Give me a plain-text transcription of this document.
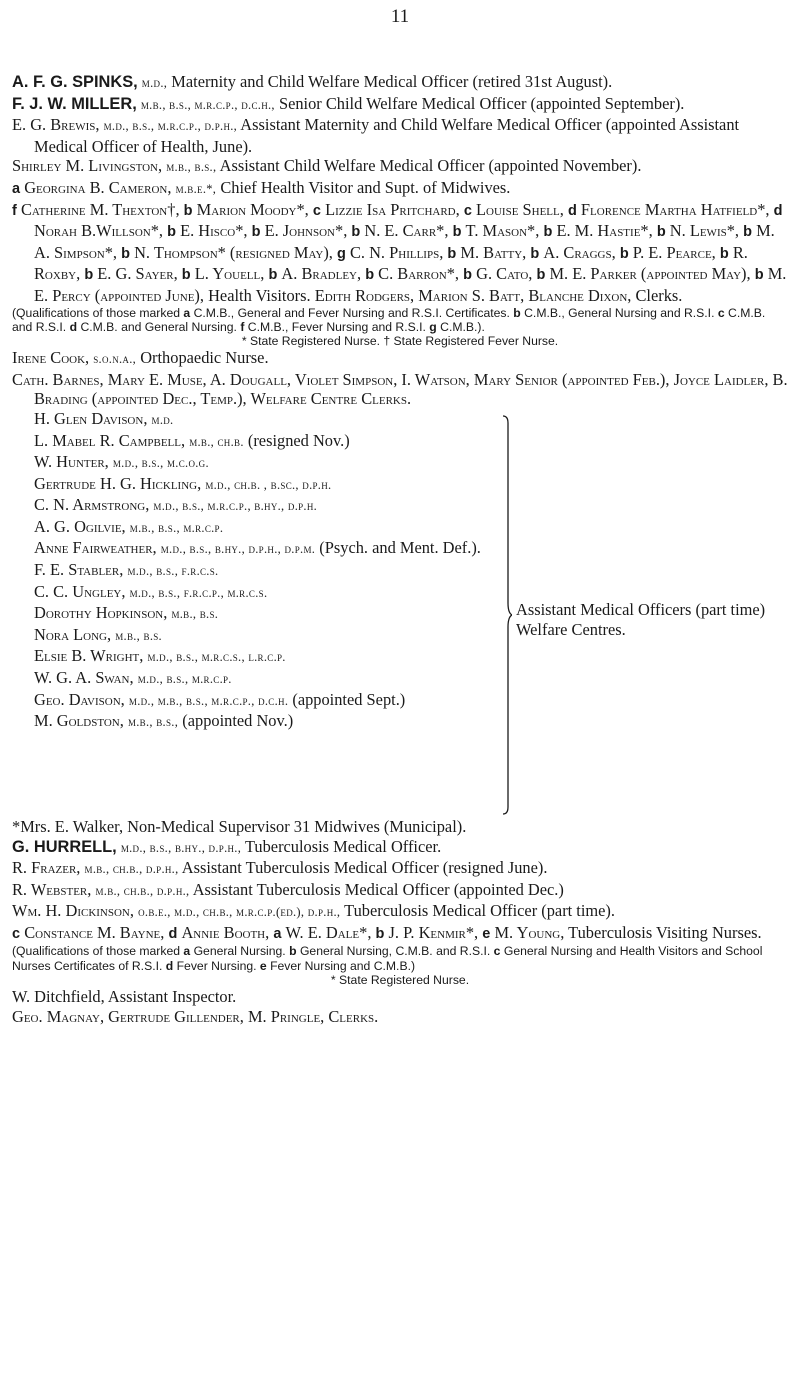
11

A. F. G. SPINKS, m.d., Maternity and Child Welfare Medical Officer (retired 31st August).

F. J. W. MILLER, m.b., b.s., m.r.c.p., d.c.h., Senior Child Welfare Medical Officer (appointed September).

E. G. Brewis, m.d., b.s., m.r.c.p., d.p.h., Assistant Maternity and Child Welfare Medical Officer (appointed Assistant Medical Officer of Health, June).

Shirley M. Livingston, m.b., b.s., Assistant Child Welfare Medical Officer (appointed November).

a Georgina B. Cameron, m.b.e.*, Chief Health Visitor and Supt. of Midwives.

f Catherine M. Thexton†, b Marion Moody*, c Lizzie Isa Pritchard, c Louise Shell, d Florence Martha Hatfield*, d Norah B.Willson*, b E. Hisco*, b E. Johnson*, b N. E. Carr*, b T. Mason*, b E. M. Hastie*, b N. Lewis*, b M. A. Simpson*, b N. Thompson* (resigned May), g C. N. Phillips, b M. Batty, b A. Craggs, b P. E. Pearce, b R. Roxby, b E. G. Sayer, b L. Youell, b A. Bradley, b C. Barron*, b G. Cato, b M. E. Parker (appointed May), b M. E. Percy (appointed June), Health Visitors. Edith Rodgers, Marion S. Batt, Blanche Dixon, Clerks.

(Qualifications of those marked a C.M.B., General and Fever Nursing and R.S.I. Certificates. b C.M.B., General Nursing and R.S.I. c C.M.B. and R.S.I. d C.M.B. and General Nursing. f C.M.B., Fever Nursing and R.S.I. g C.M.B.).
* State Registered Nurse. † State Registered Fever Nurse.

Irene Cook, s.o.n.a., Orthopaedic Nurse.

Cath. Barnes, Mary E. Muse, A. Dougall, Violet Simpson, I. Watson, Mary Senior (appointed Feb.), Joyce Laidler, B. Brading (appointed Dec., Temp.), Welfare Centre Clerks.

H. Glen Davison, m.d.
L. Mabel R. Campbell, m.b., ch.b. (resigned Nov.)
W. Hunter, m.d., b.s., m.c.o.g.
Gertrude H. G. Hickling, m.d., ch.b. , b.sc., d.p.h.
C. N. Armstrong, m.d., b.s., m.r.c.p., b.hy., d.p.h.
A. G. Ogilvie, m.b., b.s., m.r.c.p.
Anne Fairweather, m.d., b.s., b.hy., d.p.h., d.p.m. (Psych. and Ment. Def.).
F. E. Stabler, m.d., b.s., f.r.c.s.
C. C. Ungley, m.d., b.s., f.r.c.p., m.r.c.s.
Dorothy Hopkinson, m.b., b.s.
Nora Long, m.b., b.s.
Elsie B. Wright, m.d., b.s., m.r.c.s., l.r.c.p.
W. G. A. Swan, m.d., b.s., m.r.c.p.
Geo. Davison, m.d., m.b., b.s., m.r.c.p., d.c.h. (appointed Sept.)
M. Goldston, m.b., b.s., (appointed Nov.)
Assistant Medical Officers (part time) Welfare Centres.

*Mrs. E. Walker, Non-Medical Supervisor 31 Midwives (Municipal).

G. HURRELL, m.d., b.s., b.hy., d.p.h., Tuberculosis Medical Officer.

R. Frazer, m.b., ch.b., d.p.h., Assistant Tuberculosis Medical Officer (resigned June).

R. Webster, m.b., ch.b., d.p.h., Assistant Tuberculosis Medical Officer (appointed Dec.)

Wm. H. Dickinson, o.b.e., m.d., ch.b., m.r.c.p.(ed.), d.p.h., Tuberculosis Medical Officer (part time).

c Constance M. Bayne, d Annie Booth, a W. E. Dale*, b J. P. Kenmir*, e M. Young, Tuberculosis Visiting Nurses.

(Qualifications of those marked a General Nursing. b General Nursing, C.M.B. and R.S.I. c General Nursing and Health Visitors and School Nurses Certificates of R.S.I. d Fever Nursing. e Fever Nursing and C.M.B.)
* State Registered Nurse.

W. Ditchfield, Assistant Inspector.

Geo. Magnay, Gertrude Gillender, M. Pringle, Clerks.
